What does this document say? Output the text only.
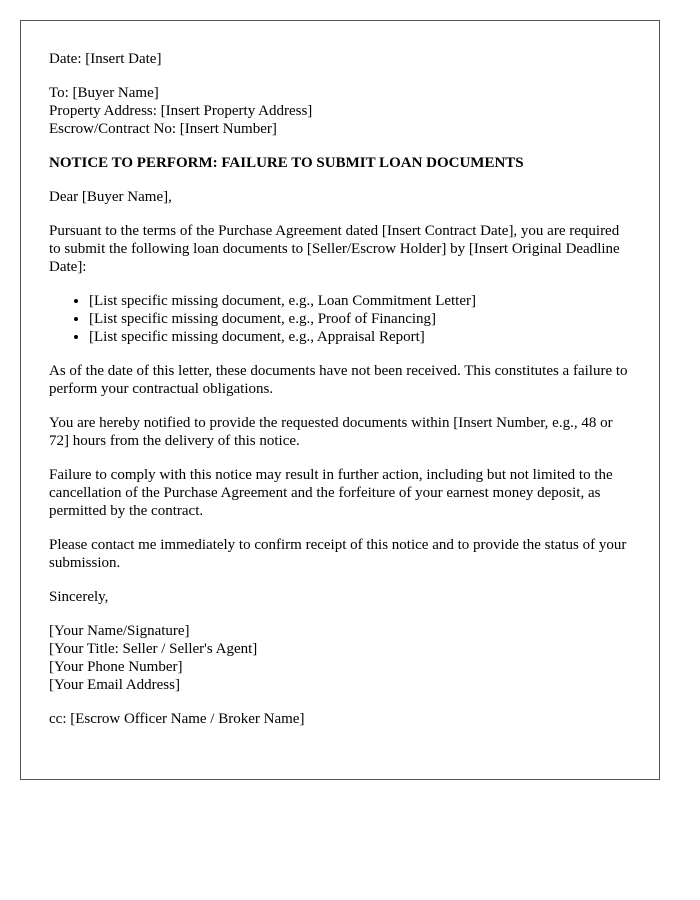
Date: [Insert Date]

To: [Buyer Name]
Property Address: [Insert Property Address]
Escrow/Contract No: [Insert Number]

NOTICE TO PERFORM: FAILURE TO SUBMIT LOAN DOCUMENTS

Dear [Buyer Name],

Pursuant to the terms of the Purchase Agreement dated [Insert Contract Date], you are required to submit the following loan documents to [Seller/Escrow Holder] by [Insert Original Deadline Date]:

• [List specific missing document, e.g., Loan Commitment Letter]
• [List specific missing document, e.g., Proof of Financing]
• [List specific missing document, e.g., Appraisal Report]

As of the date of this letter, these documents have not been received. This constitutes a failure to perform your contractual obligations.

You are hereby notified to provide the requested documents within [Insert Number, e.g., 48 or 72] hours from the delivery of this notice.

Failure to comply with this notice may result in further action, including but not limited to the cancellation of the Purchase Agreement and the forfeiture of your earnest money deposit, as permitted by the contract.

Please contact me immediately to confirm receipt of this notice and to provide the status of your submission.

Sincerely,

[Your Name/Signature]
[Your Title: Seller / Seller's Agent]
[Your Phone Number]
[Your Email Address]

cc: [Escrow Officer Name / Broker Name]
